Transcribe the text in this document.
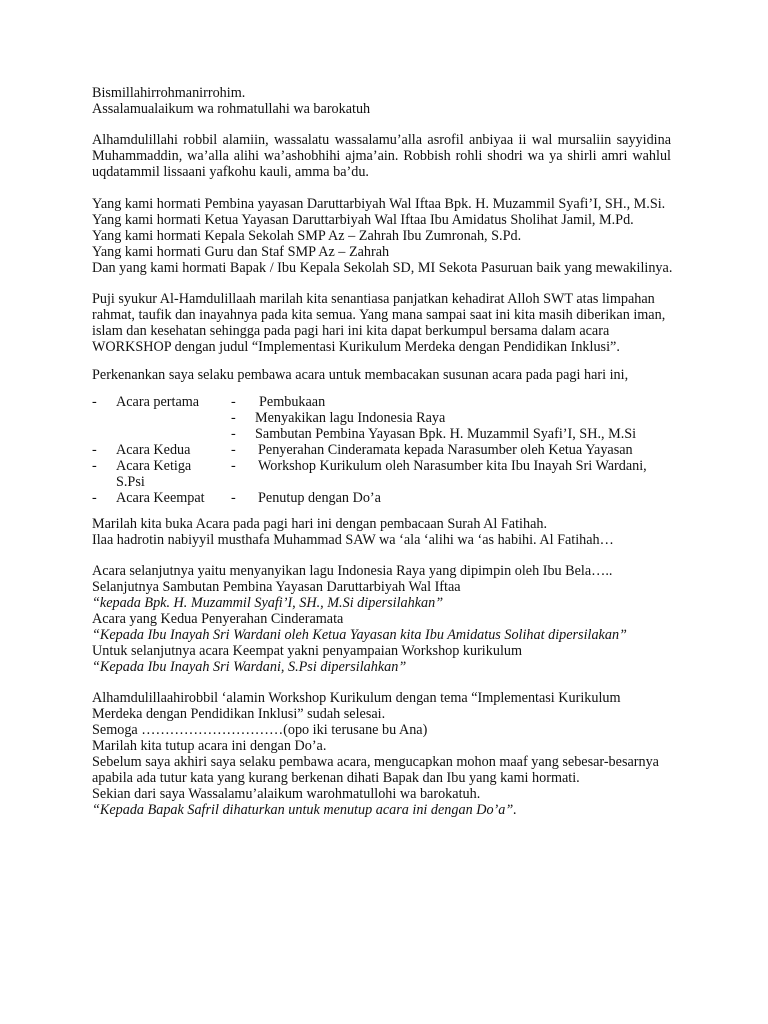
Bismillahirrohmanirrohim.
Assalamualaikum wa rohmatullahi wa barokatuh
Alhamdulillahi robbil alamiin, wassalatu wassalamu’alla asrofil anbiyaa ii wal mursaliin sayyidina
Muhammaddin, wa’alla alihi wa’ashobhihi ajma’ain. Robbish rohli shodri wa ya shirli amri wahlul
uqdatammil lissaani yafkohu kauli, amma ba’du.
Yang kami hormati Pembina yayasan Daruttarbiyah Wal Iftaa Bpk. H. Muzammil Syafi’I, SH., M.Si.
Yang kami hormati Ketua Yayasan Daruttarbiyah Wal Iftaa Ibu Amidatus Sholihat Jamil, M.Pd.
Yang kami hormati Kepala Sekolah SMP Az – Zahrah Ibu Zumronah, S.Pd.
Yang kami hormati Guru dan Staf SMP Az – Zahrah
Dan yang kami hormati Bapak / Ibu Kepala Sekolah SD, MI Sekota Pasuruan baik yang mewakilinya.
Puji syukur Al-Hamdulillaah marilah kita senantiasa panjatkan kehadirat Alloh SWT atas limpahan
rahmat, taufik dan inayahnya pada kita semua. Yang mana sampai saat ini kita masih diberikan iman,
islam dan kesehatan sehingga pada pagi hari ini kita dapat berkumpul bersama dalam acara
WORKSHOP dengan judul “Implementasi Kurikulum Merdeka dengan Pendidikan Inklusi”.
Perkenankan saya selaku pembawa acara untuk membacakan susunan acara pada pagi hari ini,
- Acara pertama - Pembukaan
- Menyakikan lagu Indonesia Raya
- Sambutan Pembina Yayasan Bpk. H. Muzammil Syafi’I, SH., M.Si
- Acara Kedua	- Penyerahan Cinderamata kepada Narasumber oleh Ketua Yayasan
- Acara Ketiga	- Workshop Kurikulum oleh Narasumber kita Ibu Inayah Sri Wardani,
S.Psi
- Acara Keempat - Penutup dengan Do’a
Marilah kita buka Acara pada pagi hari ini dengan pembacaan Surah Al Fatihah.
Ilaa hadrotin nabiyyil musthafa Muhammad SAW wa ‘ala ‘alihi wa ‘as habihi. Al Fatihah…
Acara selanjutnya yaitu menyanyikan lagu Indonesia Raya yang dipimpin oleh Ibu Bela…..
Selanjutnya Sambutan Pembina Yayasan Daruttarbiyah Wal Iftaa
“kepada Bpk. H. Muzammil Syafi’I, SH., M.Si dipersilahkan”
Acara yang Kedua Penyerahan Cinderamata
“Kepada Ibu Inayah Sri Wardani oleh Ketua Yayasan kita Ibu Amidatus Solihat dipersilakan”
Untuk selanjutnya acara Keempat yakni penyampaian Workshop kurikulum
“Kepada Ibu Inayah Sri Wardani, S.Psi dipersilahkan”
Alhamdulillaahirobbil ‘alamin Workshop Kurikulum dengan tema “Implementasi Kurikulum
Merdeka dengan Pendidikan Inklusi” sudah selesai.
Semoga …………………………(opo iki terusane bu Ana)
Marilah kita tutup acara ini dengan Do’a.
Sebelum saya akhiri saya selaku pembawa acara, mengucapkan mohon maaf yang sebesar-besarnya
apabila ada tutur kata yang kurang berkenan dihati Bapak dan Ibu yang kami hormati.
Sekian dari saya Wassalamu’alaikum warohmatullohi wa barokatuh.
“Kepada Bapak Safril dihaturkan untuk menutup acara ini dengan Do’a”.
